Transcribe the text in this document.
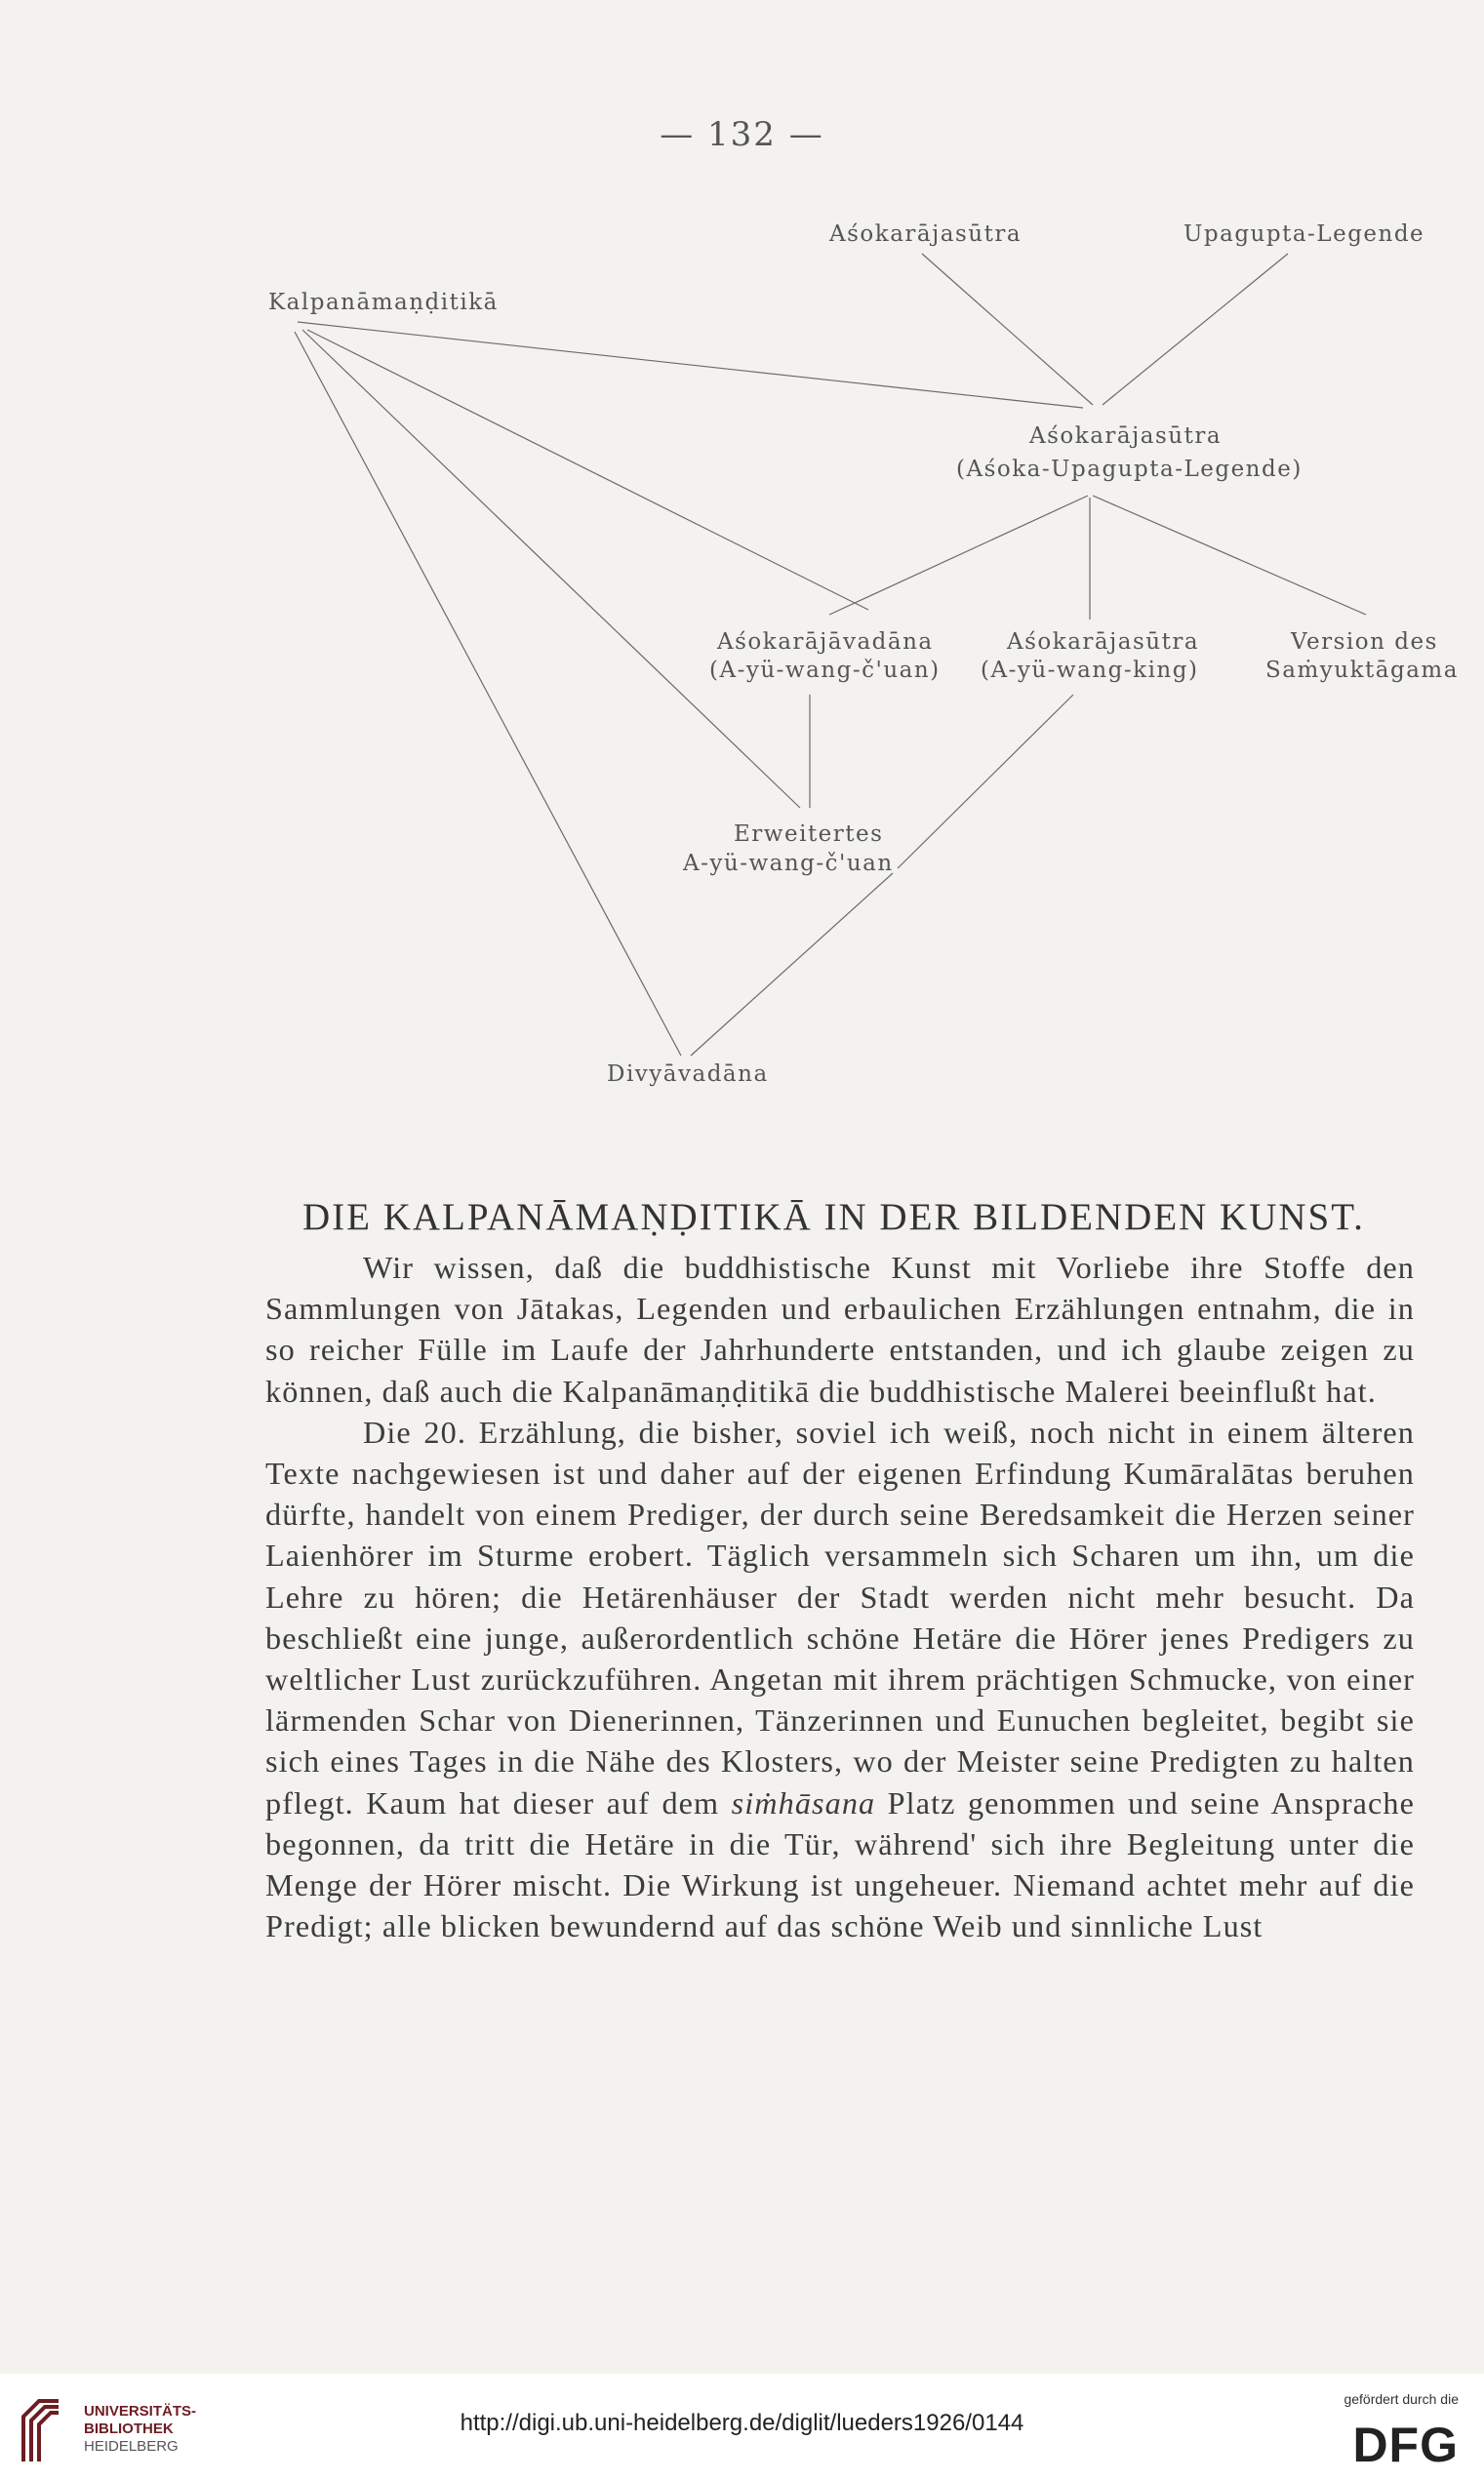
— 132 —
Aśokarājasūtra	Upagupta-Legende
Kalpanāmaṇḍitikā
Aśokarājasūtra
(Aśoka-Upagupta-Legende)
Aśokarājāvadāna
(A-yü-wang-č'uan)
Aśokarājasūtra
(A-yü-wang-king)
Version des
Saṁyuktāgama
Erweitertes
A-yü-wang-č'uan
Divyāvadāna
DIE KALPANĀMAṆḌITIKĀ IN DER BILDENDEN KUNST.

Wir wissen, daß die buddhistische Kunst mit Vorliebe ihre Stoffe den Sammlungen von Jātakas, Legenden und erbaulichen Erzählungen entnahm, die in so reicher Fülle im Laufe der Jahrhunderte entstanden, und ich glaube zeigen zu können, daß auch die Kalpanāmaṇḍitikā die buddhistische Malerei beeinflußt hat.

Die 20. Erzählung, die bisher, soviel ich weiß, noch nicht in einem älteren Texte nachgewiesen ist und daher auf der eigenen Erfindung Kumāralātas beruhen dürfte, handelt von einem Prediger, der durch seine Beredsamkeit die Herzen seiner Laienhörer im Sturme erobert. Täglich versammeln sich Scharen um ihn, um die Lehre zu hören; die Hetärenhäuser der Stadt werden nicht mehr besucht. Da beschließt eine junge, außerordentlich schöne Hetäre die Hörer jenes Predigers zu weltlicher Lust zurückzuführen. Angetan mit ihrem prächtigen Schmucke, von einer lärmenden Schar von Dienerinnen, Tänzerinnen und Eunuchen begleitet, begibt sie sich eines Tages in die Nähe des Klosters, wo der Meister seine Predigten zu halten pflegt. Kaum hat dieser auf dem siṁhāsana Platz genommen und seine Ansprache begonnen, da tritt die Hetäre in die Tür, während' sich ihre Begleitung unter die Menge der Hörer mischt. Die Wirkung ist ungeheuer. Niemand achtet mehr auf die Predigt; alle blicken bewundernd auf das schöne Weib und sinnliche Lust

UNIVERSITÄTS-
BIBLIOTHEK
HEIDELBERG
http://digi.ub.uni-heidelberg.de/diglit/lueders1926/0144
gefördert durch die
DFG
